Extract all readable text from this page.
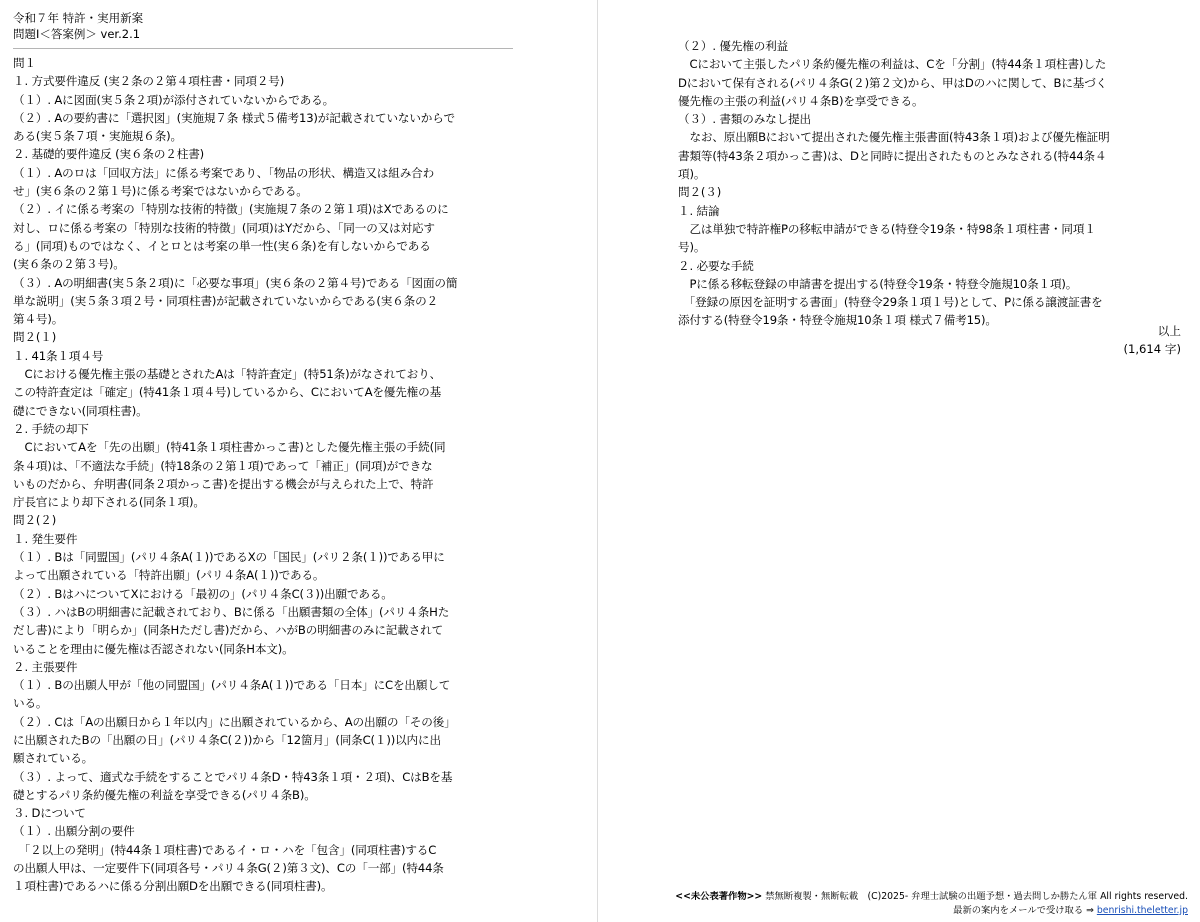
令和７年 特許・実用新案
問題Ⅰ＜答案例＞ ver.2.1
問１
１. 方式要件違反 (実２条の２第４項柱書・同項２号)
（１）. Aに図面(実５条２項)が添付されていないからである。
（２）. Aの要約書に「選択図」(実施規７条 様式５備考13)が記載されていないからで
ある(実５条７項・実施規６条)。
２. 基礎的要件違反 (実６条の２柱書)
（１）. Aのロは「回収方法」に係る考案であり、「物品の形状、構造又は組み合わ
せ」(実６条の２第１号)に係る考案ではないからである。
（２）. イに係る考案の「特別な技術的特徴」(実施規７条の２第１項)はXであるのに
対し、ロに係る考案の「特別な技術的特徴」(同項)はYだから、「同一の又は対応す
る」(同項)ものではなく、イとロとは考案の単一性(実６条)を有しないからである
(実６条の２第３号)。
（３）. Aの明細書(実５条２項)に「必要な事項」(実６条の２第４号)である「図面の簡
単な説明」(実５条３項２号・同項柱書)が記載されていないからである(実６条の２
第４号)。
問２(１)
１. 41条１項４号
　Cにおける優先権主張の基礎とされたAは「特許査定」(特51条)がなされており、
この特許査定は「確定」(特41条１項４号)しているから、CにおいてAを優先権の基
礎にできない(同項柱書)。
２. 手続の却下
　CにおいてAを「先の出願」(特41条１項柱書かっこ書)とした優先権主張の手続(同
条４項)は、「不適法な手続」(特18条の２第１項)であって「補正」(同項)ができな
いものだから、弁明書(同条２項かっこ書)を提出する機会が与えられた上で、特許
庁長官により却下される(同条１項)。
問２(２)
１. 発生要件
（１）. Bは「同盟国」(パリ４条A(１))であるXの「国民」(パリ２条(１))である甲に
よって出願されている「特許出願」(パリ４条A(１))である。
（２）. BはハについてXにおける「最初の」(パリ４条C(３))出願である。
（３）. ハはBの明細書に記載されており、Bに係る「出願書類の全体」(パリ４条Hた
だし書)により「明らか」(同条Hただし書)だから、ハがBの明細書のみに記載されて
いることを理由に優先権は否認されない(同条H本文)。
２. 主張要件
（１）. Bの出願人甲が「他の同盟国」(パリ４条A(１))である「日本」にCを出願して
いる。
（２）. Cは「Aの出願日から１年以内」に出願されているから、Aの出願の「その後」
に出願されたBの「出願の日」(パリ４条C(２))から「12箇月」(同条C(１))以内に出
願されている。
（３）. よって、適式な手続をすることでパリ４条D・特43条１項・２項)、CはBを基
礎とするパリ条約優先権の利益を享受できる(パリ４条B)。
３. Dについて
（１）. 出願分割の要件
　「２以上の発明」(特44条１項柱書)であるイ・ロ・ハを「包含」(同項柱書)するC
の出願人甲は、一定要件下(同項各号・パリ４条G(２)第３文)、Cの「一部」(特44条
１項柱書)であるハに係る分割出願Dを出願できる(同項柱書)。
（２）. 優先権の利益
　Cにおいて主張したパリ条約優先権の利益は、Cを「分割」(特44条１項柱書)した
Dにおいて保有される(パリ４条G(２)第２文)から、甲はDのハに関して、Bに基づく
優先権の主張の利益(パリ４条B)を享受できる。
（３）. 書類のみなし提出
　なお、原出願Bにおいて提出された優先権主張書面(特43条１項)および優先権証明
書類等(特43条２項かっこ書)は、Dと同時に提出されたものとみなされる(特44条４
項)。
問２(３)
１. 結論
　乙は単独で特許権Pの移転申請ができる(特登令19条・特98条１項柱書・同項１
号)。
２. 必要な手続
　Pに係る移転登録の申請書を提出する(特登令19条・特登令施規10条１項)。
　「登録の原因を証明する書面」(特登令29条１項１号)として、Pに係る譲渡証書を
添付する(特登令19条・特登令施規10条１項 様式７備考15)。
以上
(1,614 字)
<<未公表著作物>> 禁無断複製・無断転載　(C)2025- 弁理士試験の出題予想・過去問しか勝たん軍 All rights reserved.
最新の案内をメールで受け取る ⇒ benrishi.theletter.jp
